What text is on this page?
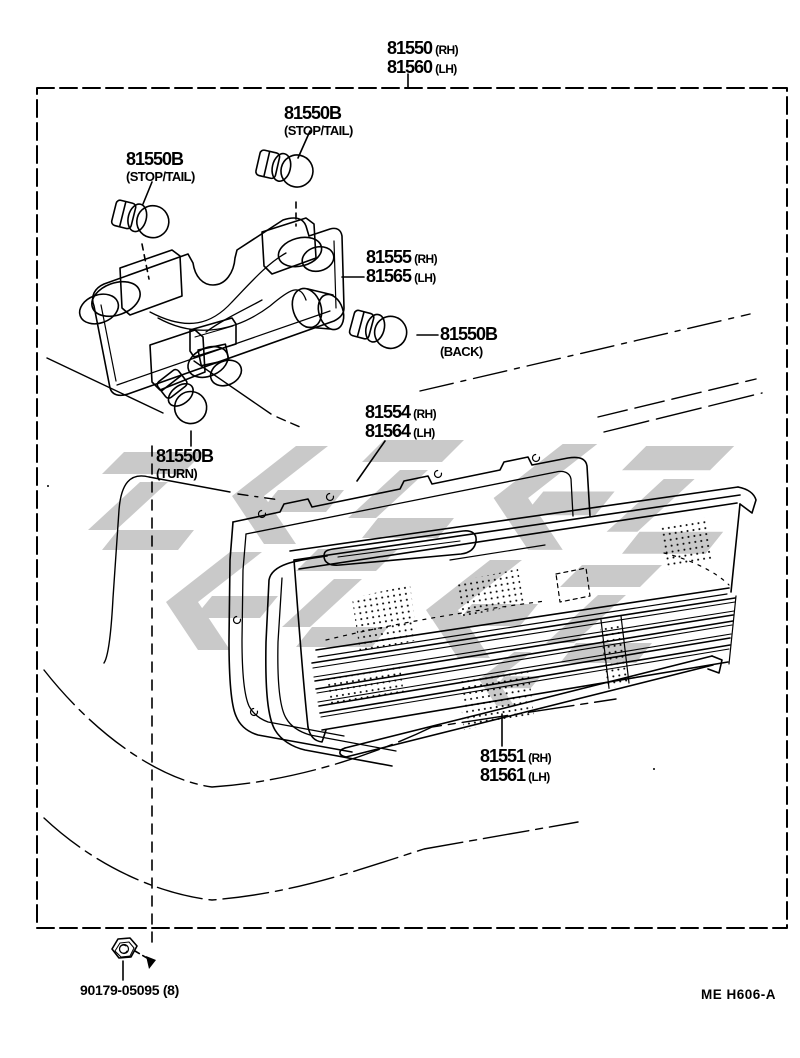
81550 (RH)
81560 (LH)
81550B
(STOP/TAIL)
81550B
(STOP/TAIL)
81555 (RH)
81565 (LH)
81550B
(BACK)
81550B
(TURN)
81554 (RH)
81564 (LH)
81551 (RH)
81561 (LH)
90179-05095 (8)	ME H606-A
